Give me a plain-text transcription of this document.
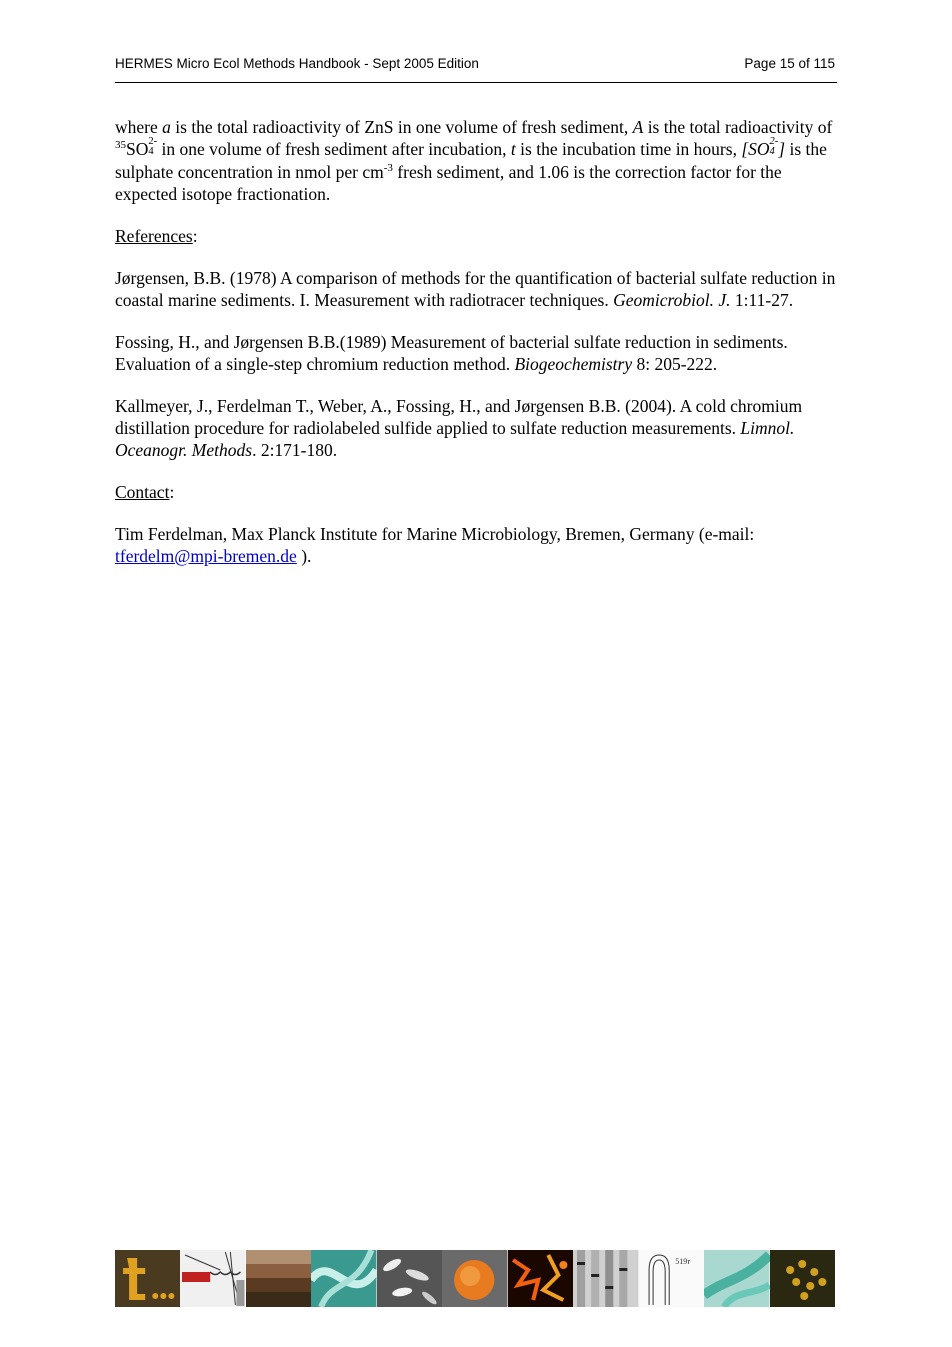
HERMES Micro Ecol Methods Handbook - Sept 2005 Edition	Page 15 of 115

where a is the total radioactivity of ZnS in one volume of fresh sediment, A is the total radioactivity of $^{35}$SO 2-
4 in one volume of fresh sediment after incubation, t is the incubation time in hours, [SO 2-
4 ] is the sulphate concentration in nmol per $cm^{-3}$ fresh sediment, and 1.06 is the correction factor for the expected isotope fractionation.

References:

Jørgensen, B.B. (1978) A comparison of methods for the quantification of bacterial sulfate reduction in coastal marine sediments. I. Measurement with radiotracer techniques. Geomicrobiol. J. 1:11-27.

Fossing, H., and Jørgensen B.B.(1989) Measurement of bacterial sulfate reduction in sediments. Evaluation of a single-step chromium reduction method. Biogeochemistry 8: 205-222.

Kallmeyer, J., Ferdelman T., Weber, A., Fossing, H., and Jørgensen B.B. (2004). A cold chromium distillation procedure for radiolabeled sulfide applied to sulfate reduction measurements. Limnol. Oceanogr. Methods. 2:171-180.

Contact:

Tim Ferdelman, Max Planck Institute for Marine Microbiology, Bremen, Germany (e-mail: tferdelm@mpi-bremen.de ).

519r
